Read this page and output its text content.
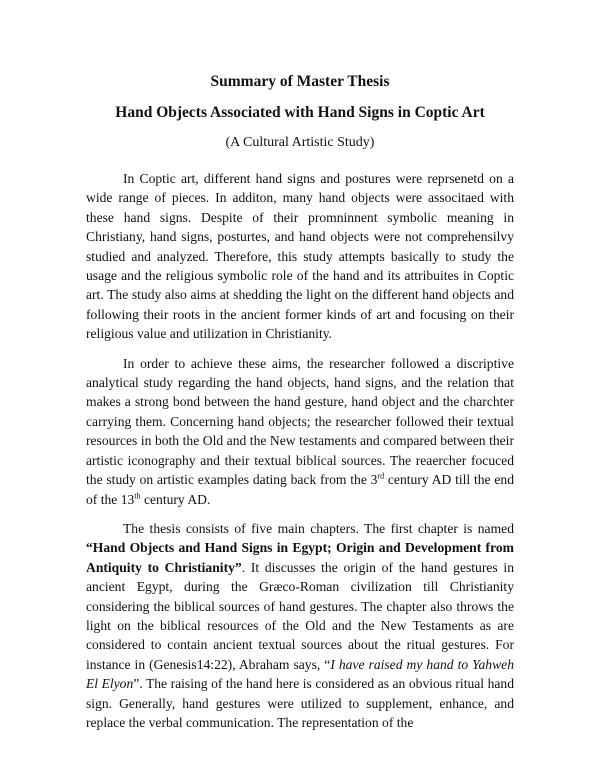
Summary of Master Thesis
Hand Objects Associated with Hand Signs in Coptic Art

(A Cultural Artistic Study)

In Coptic art, different hand signs and postures were reprsenetd on a wide range of pieces. In additon, many hand objects were associtaed with these hand signs. Despite of their promninnent symbolic meaning in Christiany, hand signs, posturtes, and hand objects were not comprehensilvy studied and analyzed. Therefore, this study attempts basically to study the usage and the religious symbolic role of the hand and its attribuites in Coptic art. The study also aims at shedding the light on the different hand objects and following their roots in the ancient former kinds of art and focusing on their religious value and utilization in Christianity.

In order to achieve these aims, the researcher followed a discriptive analytical study regarding the hand objects, hand signs, and the relation that makes a strong bond between the hand gesture, hand object and the charchter carrying them. Concerning hand objects; the researcher followed their textual resources in both the Old and the New testaments and compared between their artistic iconography and their textual biblical sources. The reaercher focuced the study on artistic examples dating back from the 3rd century AD till the end of the 13th century AD.

The thesis consists of five main chapters. The first chapter is named “Hand Objects and Hand Signs in Egypt; Origin and Development from Antiquity to Christianity”. It discusses the origin of the hand gestures in ancient Egypt, during the Græco-Roman civilization till Christianity considering the biblical sources of hand gestures. The chapter also throws the light on the biblical resources of the Old and the New Testaments as are considered to contain ancient textual sources about the ritual gestures. For instance in (Genesis14:22), Abraham says, “I have raised my hand to Yahweh El Elyon”. The raising of the hand here is considered as an obvious ritual hand sign. Generally, hand gestures were utilized to supplement, enhance, and replace the verbal communication. The representation of the
